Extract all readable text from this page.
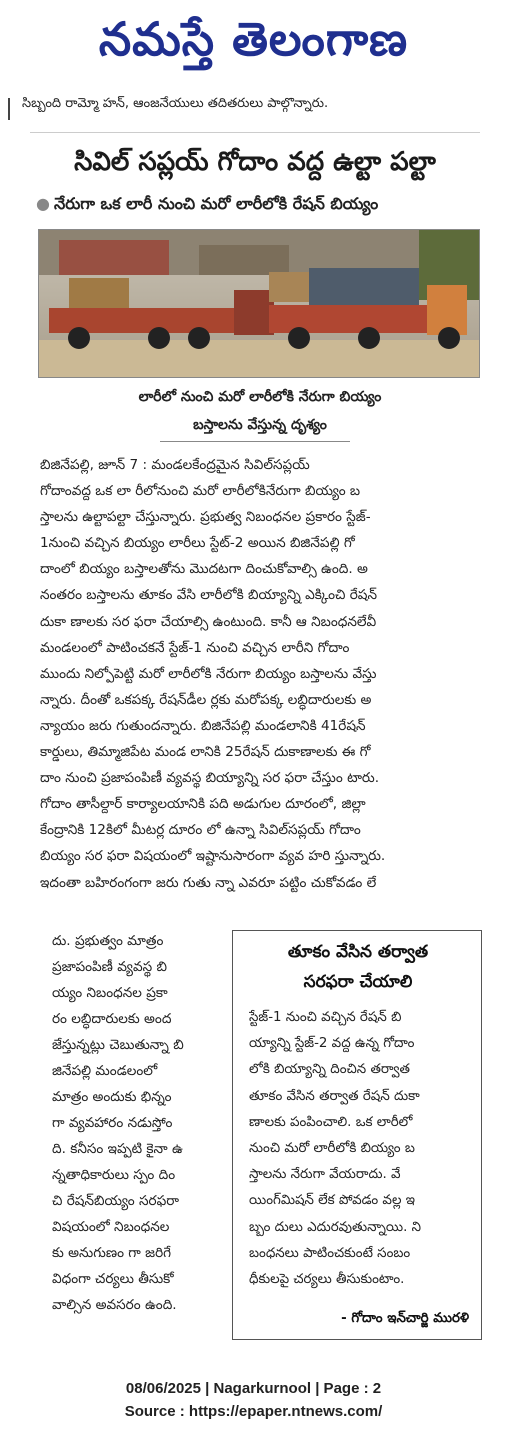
నమస్తే తెలంగాణ
సిబ్బంది రామ్మో హన్, ఆంజనేయులు తదితరులు పాల్గొన్నారు.
సివిల్ సప్లయ్ గోదాం వద్ద ఉల్టా పల్టా
● నేరుగా ఒక లారీ నుంచి మరో లారీలోకి రేషన్ బియ్యం
లారీలో నుంచి మరో లారీలోకి నేరుగా బియ్యం
బస్తాలను వేస్తున్న దృశ్యం
బిజినేపల్లి, జూన్ 7 : మండలకేంద్రమైన సివిల్‌సప్లయ్
గోదాంవద్ద ఒక లా రీలోనుంచి మరో లారీలోకినేరుగా బియ్యం బ
స్తాలను ఉల్టాపల్టా చేస్తున్నారు. ప్రభుత్వ నిబంధనల ప్రకారం స్టేజ్-
1నుంచి వచ్చిన బియ్యం లారీలు స్టేట్-2 అయిన బిజినేపల్లి గో
దాంలో బియ్యం బస్తాలతోను మొదటగా దించుకోవాల్సి ఉంది. అ
నంతరం బస్తాలను తూకం వేసి లారీలోకి బియ్యాన్ని ఎక్కించి రేషన్
దుకా ణాలకు సర ఫరా చేయాల్సి ఉంటుంది. కానీ ఆ నిబంధనలేవీ
మండలంలో పాటించకనే స్టేజ్-1 నుంచి వచ్చిన లారీని గోదాం
ముందు నిల్పోపెట్టి మరో లారీలోకి నేరుగా బియ్యం బస్తాలను వేస్తు
న్నారు. దీంతో ఒకపక్క రేషన్‌డీల ర్లకు మరోపక్క లబ్ధిదారులకు అ
న్యాయం జరు గుతుందన్నారు. బిజినేపల్లి మండలానికి 41రేషన్
కార్డులు, తిమ్మాజిపేట మండ లానికి 25రేషన్ దుకాణాలకు ఈ గో
దాం నుంచి ప్రజాపంపిణీ వ్యవస్థ బియ్యాన్ని సర ఫరా చేస్తుం టారు.
గోదాం తాసీల్దార్ కార్యాలయానికి పది అడుగుల దూరంలో, జిల్లా
కేంద్రానికి 12కిలో మీటర్ల దూరం లో ఉన్నా సివిల్‌సప్లయ్ గోదాం
బియ్యం సర ఫరా విషయంలో ఇష్టానుసారంగా వ్యవ హరి స్తున్నారు.
ఇదంతా బహిరంగంగా జరు గుతు న్నా ఎవరూ పట్టిం చుకోవడం లే
దు. ప్రభుత్వం మాత్రం
ప్రజాపంపిణీ వ్యవస్థ బి
య్యం నిబంధనల ప్రకా
రం లబ్ధిదారులకు అంద
జేస్తున్నట్లు చెబుతున్నా బి
జినేపల్లి మండలంలో
మాత్రం అందుకు భిన్నం
గా వ్యవహారం నడుస్తోం
ది. కనీసం ఇప్పటి కైనా ఉ
న్నతాధికారులు స్పం దిం
చి రేషన్‌బియ్యం సరఫరా
విషయంలో నిబంధనల
కు అనుగుణం గా జరిగే
విధంగా చర్యలు తీసుకో
వాల్సిన అవసరం ఉంది.
తూకం వేసిన తర్వాత
సరఫరా చేయాలి
స్టేజ్-1 నుంచి వచ్చిన రేషన్ బి
య్యాన్ని స్టేజ్-2 వద్ద ఉన్న గోదాం
లోకి బియ్యాన్ని దించిన తర్వాత
తూకం వేసిన తర్వాత రేషన్ దుకా
ణాలకు పంపించాలి. ఒక లారీలో
నుంచి మరో లారీలోకి బియ్యం బ
స్తాలను నేరుగా వేయరాదు. వే
యింగ్‌మిషన్ లేక పోవడం వల్ల ఇ
బ్బం దులు ఎదురవుతున్నాయి. ని
బంధనలు పాటించకుంటే సంబం
ధీకులపై చర్యలు తీసుకుంటాం.
- గోదాం ఇన్‌చార్జి మురళి
08/06/2025 | Nagarkurnool | Page : 2
Source : https://epaper.ntnews.com/
